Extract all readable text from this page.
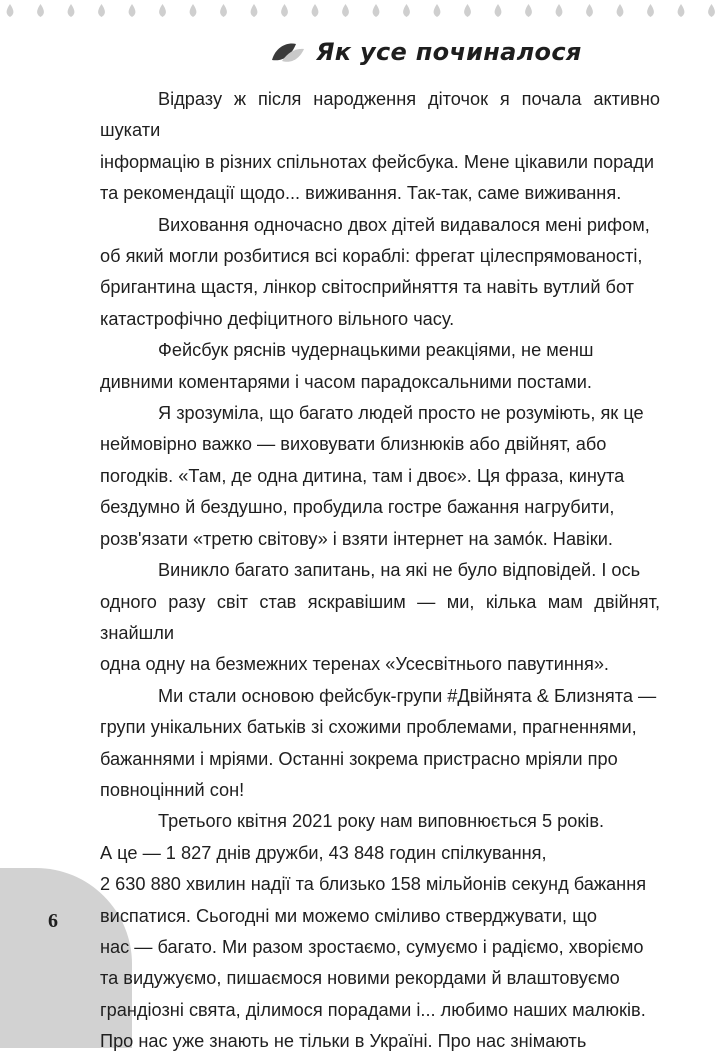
6
Як усе починалося

Відразу ж після народження діточок я почала активно шукати
інформацію в різних спільнотах фейсбука. Мене цікавили поради
та рекомендації щодо... виживання. Так-так, саме виживання.

Виховання одночасно двох дітей видавалося мені рифом,
об який могли розбитися всі кораблі: фрегат цілеспрямованості,
бригантина щастя, лінкор світосприйняття та навіть вутлий бот
катастрофічно дефіцитного вільного часу.

Фейсбук ряснів чудернацькими реакціями, не менш
дивними коментарями і часом парадоксальними постами.

Я зрозуміла, що багато людей просто не розуміють, як це
неймовірно важко — виховувати близнюків або двійнят, або
погодків. «Там, де одна дитина, там і двоє». Ця фраза, кинута
бездумно й бездушно, пробудила гостре бажання нагрубити,
розв'язати «третю світову» і взяти інтернет на замо́к. Навіки.

Виникло багато запитань, на які не було відповідей. І ось
одного разу світ став яскравішим — ми, кілька мам двійнят, знайшли
одна одну на безмежних теренах «Усесвітнього павутиння».

Ми стали основою фейсбук-групи #Двійнята & Близнята —
групи унікальних батьків зі схожими проблемами, прагненнями,
бажаннями і мріями. Останні зокрема пристрасно мріяли про
повноцінний сон!

Третього квітня 2021 року нам виповнюється 5 років.
А це — 1 827 днів дружби, 43 848 годин спілкування,
2 630 880 хвилин надії та близько 158 мільйонів секунд бажання
виспатися. Сьогодні ми можемо сміливо стверджувати, що
нас — багато. Ми разом зростаємо, сумуємо і радіємо, хворіємо
та видужуємо, пишаємося новими рекордами й влаштовуємо
грандіозні свята, ділимося порадами і... любимо наших малюків.
Про нас уже знають не тільки в Україні. Про нас знімають
